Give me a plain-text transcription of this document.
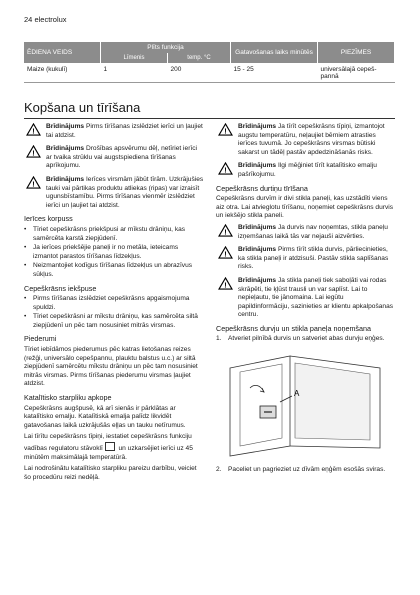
24 electrolux
ĒDIENA VEIDS	Plīts funkcija		Gatavošanas laiks minūtēs	PIEZĪMES
	Līmenis	temp. °C		
Maize (kukulī)	1	200	15 - 25	universālajā cepeš-pannā
Kopšana un tīrīšana
!
Brīdinājums Pirms tīrīšanas izslēdziet ierīci un ļaujiet tai atdzist.
!
Brīdinājums Drošības apsvērumu dēļ, netīriet ierīci ar tvaika strūklu vai augstspiediena tīrīšanas aprīkojumu.
!
Brīdinājums Ierīces virsmām jābūt tīrām. Uzkrājušies tauki vai pārtikas produktu atliekas (ripas) var izraisīt ugunsbīstamību. Pirms tīrīšanas vienmēr izslēdziet ierīci un ļaujiet tai atdzist.
Ierīces korpuss
• Tīriet cepeškrāsns priekšpusi ar mīkstu drāniņu, kas samērcēta karstā ziepjūdenī.
• Ja ierīces priekšējie paneļi ir no metāla, ieteicams izmantot parastos tīrīšanas līdzekļus.
• Neizmantojiet kodīgus tīrīšanas līdzekļus un abrazīvus sūkļus.
Cepeškrāsns iekšpuse
• Pirms tīrīšanas izslēdziet cepeškrāsns apgaismojuma spuldzi.
• Tīriet cepeškrāsni ar mīkstu drāniņu, kas samērcēta siltā ziepjūdenī un pēc tam nosusiniet mitrās virsmas.
Piederumi

Tīriet iebīdāmos piederumus pēc katras lietošanas reizes (režģi, universālo cepešpannu, plauktu balstus u.c.) ar siltā ziepjūdenī samērcētu mīkstu drāniņu un pēc tam nosusiniet mitrās virsmas. Pirms tīrīšanas piederumu virsmas ļaujiet atdzist.

Katalītisko starpliku apkope

Cepeškrāsns augšpusē, kā arī sienās ir pārklātas ar katalītisko emalju. Katalītiskā emalja palīdz likvidēt gatavošanas laikā uzkrājušās eļļas un tauku netīrumus.

Lai tīrītu cepeškrāsns tīpiņi, iestatiet cepeškrāsns funkciju vadības regulatoru stāvoklī  un uzkarsējiet ierīci uz 45 minūtēm maksimālajā temperatūrā.

Lai nodrošinātu katalītisko starpliku pareizu darbību, veiciet šo procedūru reizi nedēļā.

!
Brīdinājums Ja tīrīt cepeškrāsns tīpiņi, izmantojot augstu temperatūru, neļaujiet bērniem atrasties ierīces tuvumā. Jo cepeškrāsns virsmas būtiski sakarst un tādēļ pastāv apdedzināšanās risks.
!
Brīdinājums Ilgi mēģiniet tīrīt katalītisko emalju pašrīkojumu.
Cepeškrāsns durtiņu tīrīšana

Cepeškrāsns durvīm ir divi stikla paneļi, kas uzstādīti viens aiz otra. Lai atvieglotu tīrīšanu, noņemiet cepeškrāsns durvis un iekšējo stikla paneli.

!
Brīdinājums Ja durvis nav noņemtas, stikla paneļu izņemšanas laikā tās var nejauši aizvērties.
!
Brīdinājums Pirms tīrīt stikla durvis, pārliecinieties, ka stikla paneļi ir atdzisuši. Pastāv stikla saplīšanas risks.
!
Brīdinājums Ja stikla paneļi tiek saboļāti vai rodas skrāpēti, tie ķļūst trausli un var saplīst. Lai to nepieļautu, tie jānomaina. Lai iegūtu papildinformāciju, sazinieties ar klientu apkalpošanas centru.
Cepeškrāsns durvju un stikla paneļa noņemšana
1. Atveriet pilnībā durvis un satveriet abas durvju eņģes.
A
2. Paceliet un pagrieziet uz dīvām eņģēm esošās sviras.
